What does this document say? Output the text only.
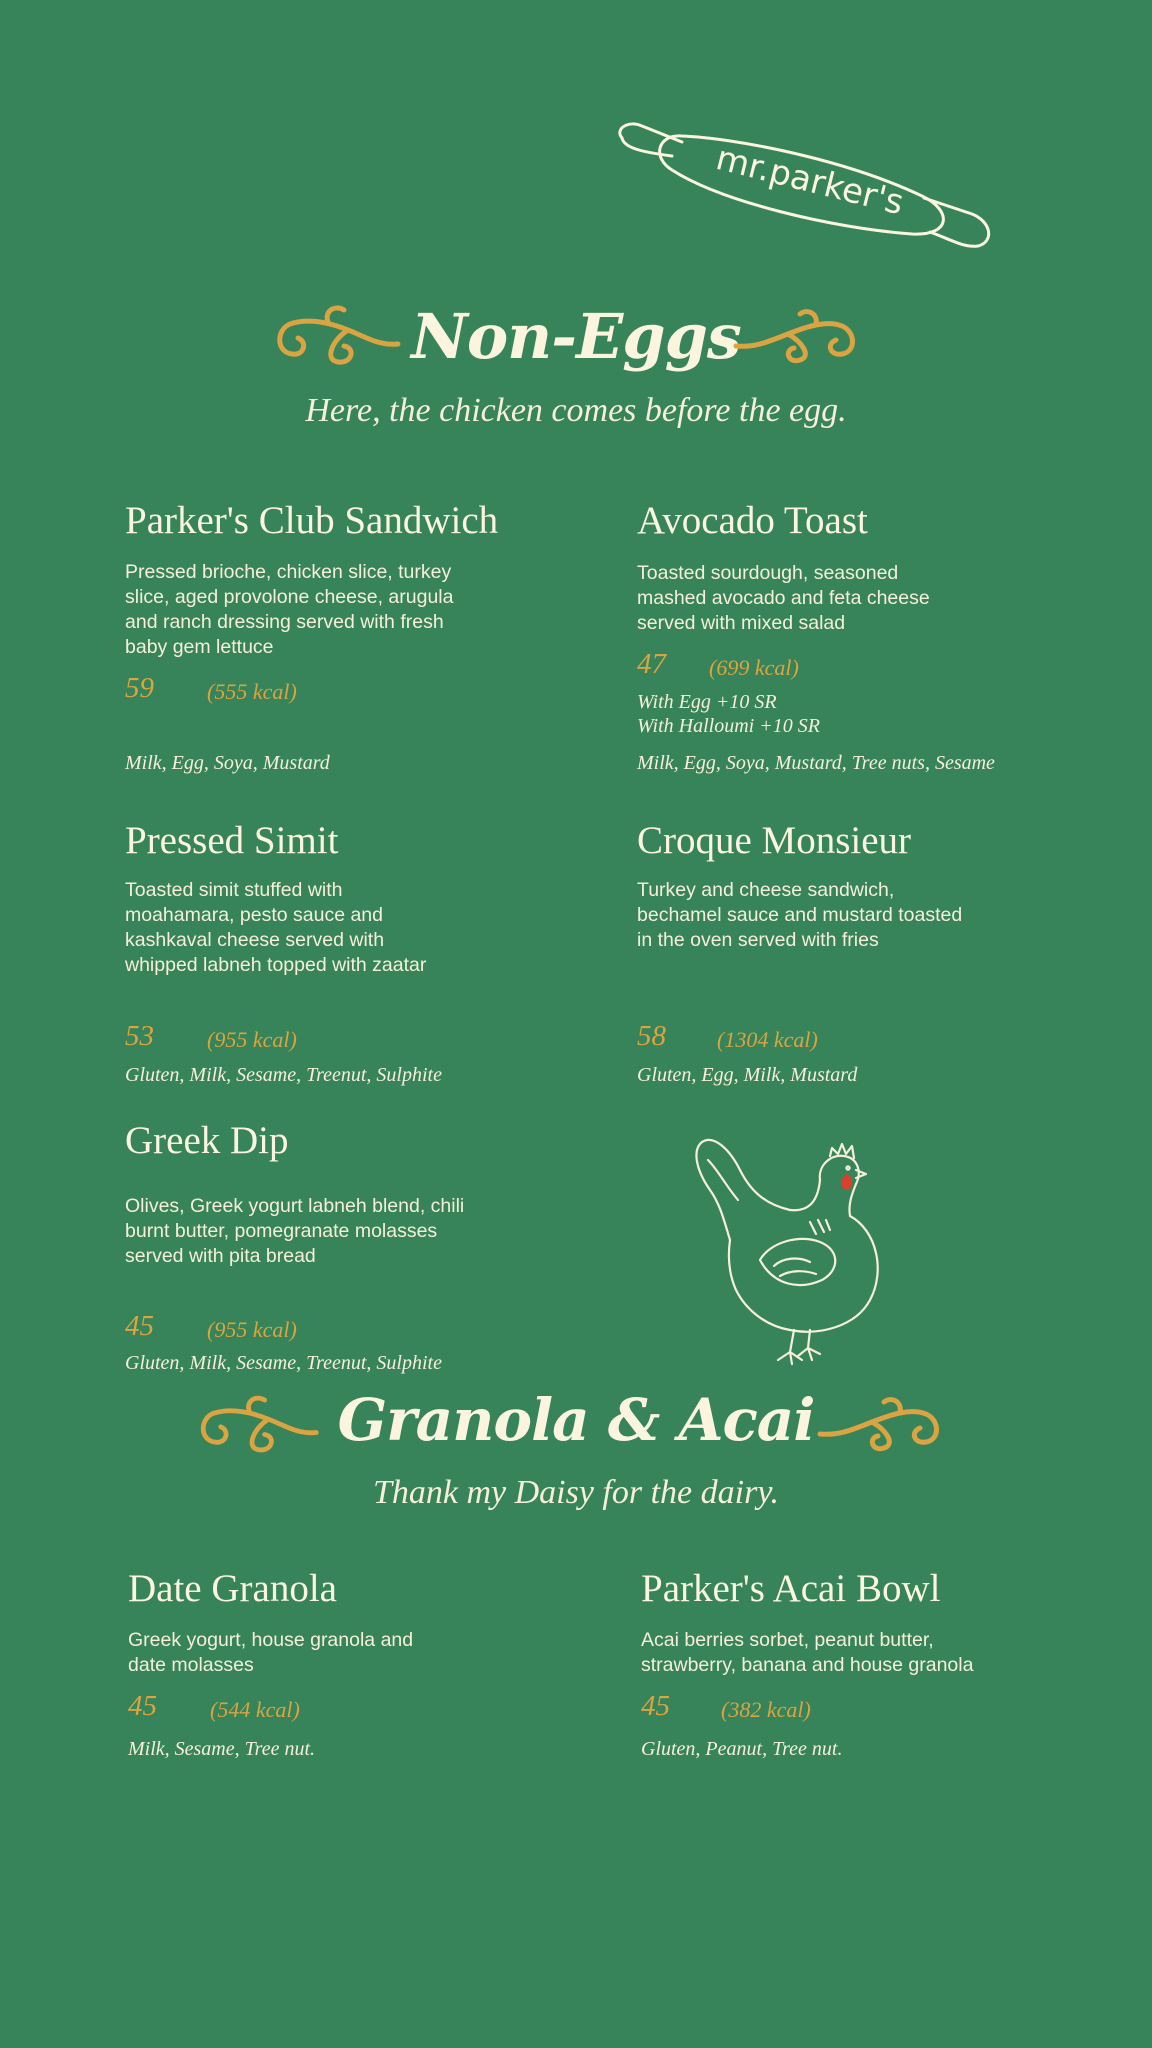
mr.parker's
Non-Eggs
Here, the chicken comes before the egg.
Parker's Club Sandwich
Pressed brioche, chicken slice, turkey
slice, aged provolone cheese, arugula
and ranch dressing served with fresh
baby gem lettuce
59 (555 kcal)
Milk, Egg, Soya, Mustard
Avocado Toast
Toasted sourdough, seasoned
mashed avocado and feta cheese
served with mixed salad
47 (699 kcal)
With Egg +10 SR
With Halloumi +10 SR
Milk, Egg, Soya, Mustard, Tree nuts, Sesame
Pressed Simit
Toasted simit stuffed with
moahamara, pesto sauce and
kashkaval cheese served with
whipped labneh topped with zaatar
53 (955 kcal)
Gluten, Milk, Sesame, Treenut, Sulphite
Croque Monsieur
Turkey and cheese sandwich,
bechamel sauce and mustard toasted
in the oven served with fries
58 (1304 kcal)
Gluten, Egg, Milk, Mustard
Greek Dip
Olives, Greek yogurt labneh blend, chili
burnt butter, pomegranate molasses
served with pita bread
45 (955 kcal)
Gluten, Milk, Sesame, Treenut, Sulphite
Granola & Acai
Thank my Daisy for the dairy.
Date Granola
Greek yogurt, house granola and
date molasses
45 (544 kcal)
Milk, Sesame, Tree nut.
Parker's Acai Bowl
Acai berries sorbet, peanut butter,
strawberry, banana and house granola
45 (382 kcal)
Gluten, Peanut, Tree nut.
